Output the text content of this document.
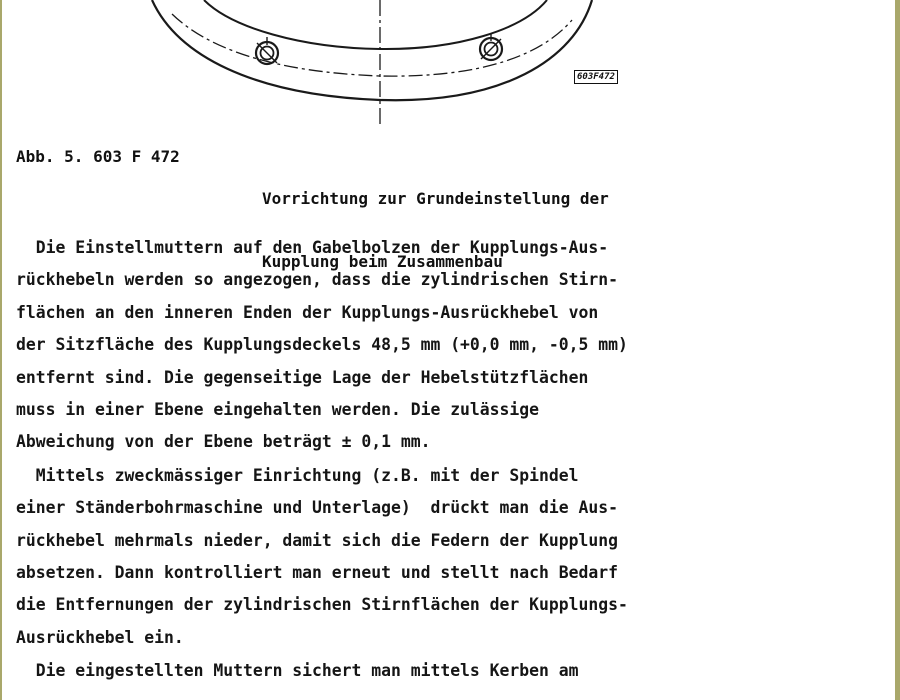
603F472
Abb. 5. 603 F 472

Vorrichtung zur Grundeinstellung der

Kupplung beim Zusammenbau

Die Einstellmuttern auf den Gabelbolzen der Kupplungs-Aus-
rückhebeln werden so angezogen, dass die zylindrischen Stirn-
flächen an den inneren Enden der Kupplungs-Ausrückhebel von
der Sitzfläche des Kupplungsdeckels 48,5 mm (+0,0 mm, -0,5 mm)
entfernt sind. Die gegenseitige Lage der Hebelstützflächen
muss in einer Ebene eingehalten werden. Die zulässige
Abweichung von der Ebene beträgt ± 0,1 mm.
Mittels zweckmässiger Einrichtung (z.B. mit der Spindel
einer Ständerbohrmaschine und Unterlage)  drückt man die Aus-
rückhebel mehrmals nieder, damit sich die Federn der Kupplung
absetzen. Dann kontrolliert man erneut und stellt nach Bedarf
die Entfernungen der zylindrischen Stirnflächen der Kupplungs-
Ausrückhebel ein.
Die eingestellten Muttern sichert man mittels Kerben am
